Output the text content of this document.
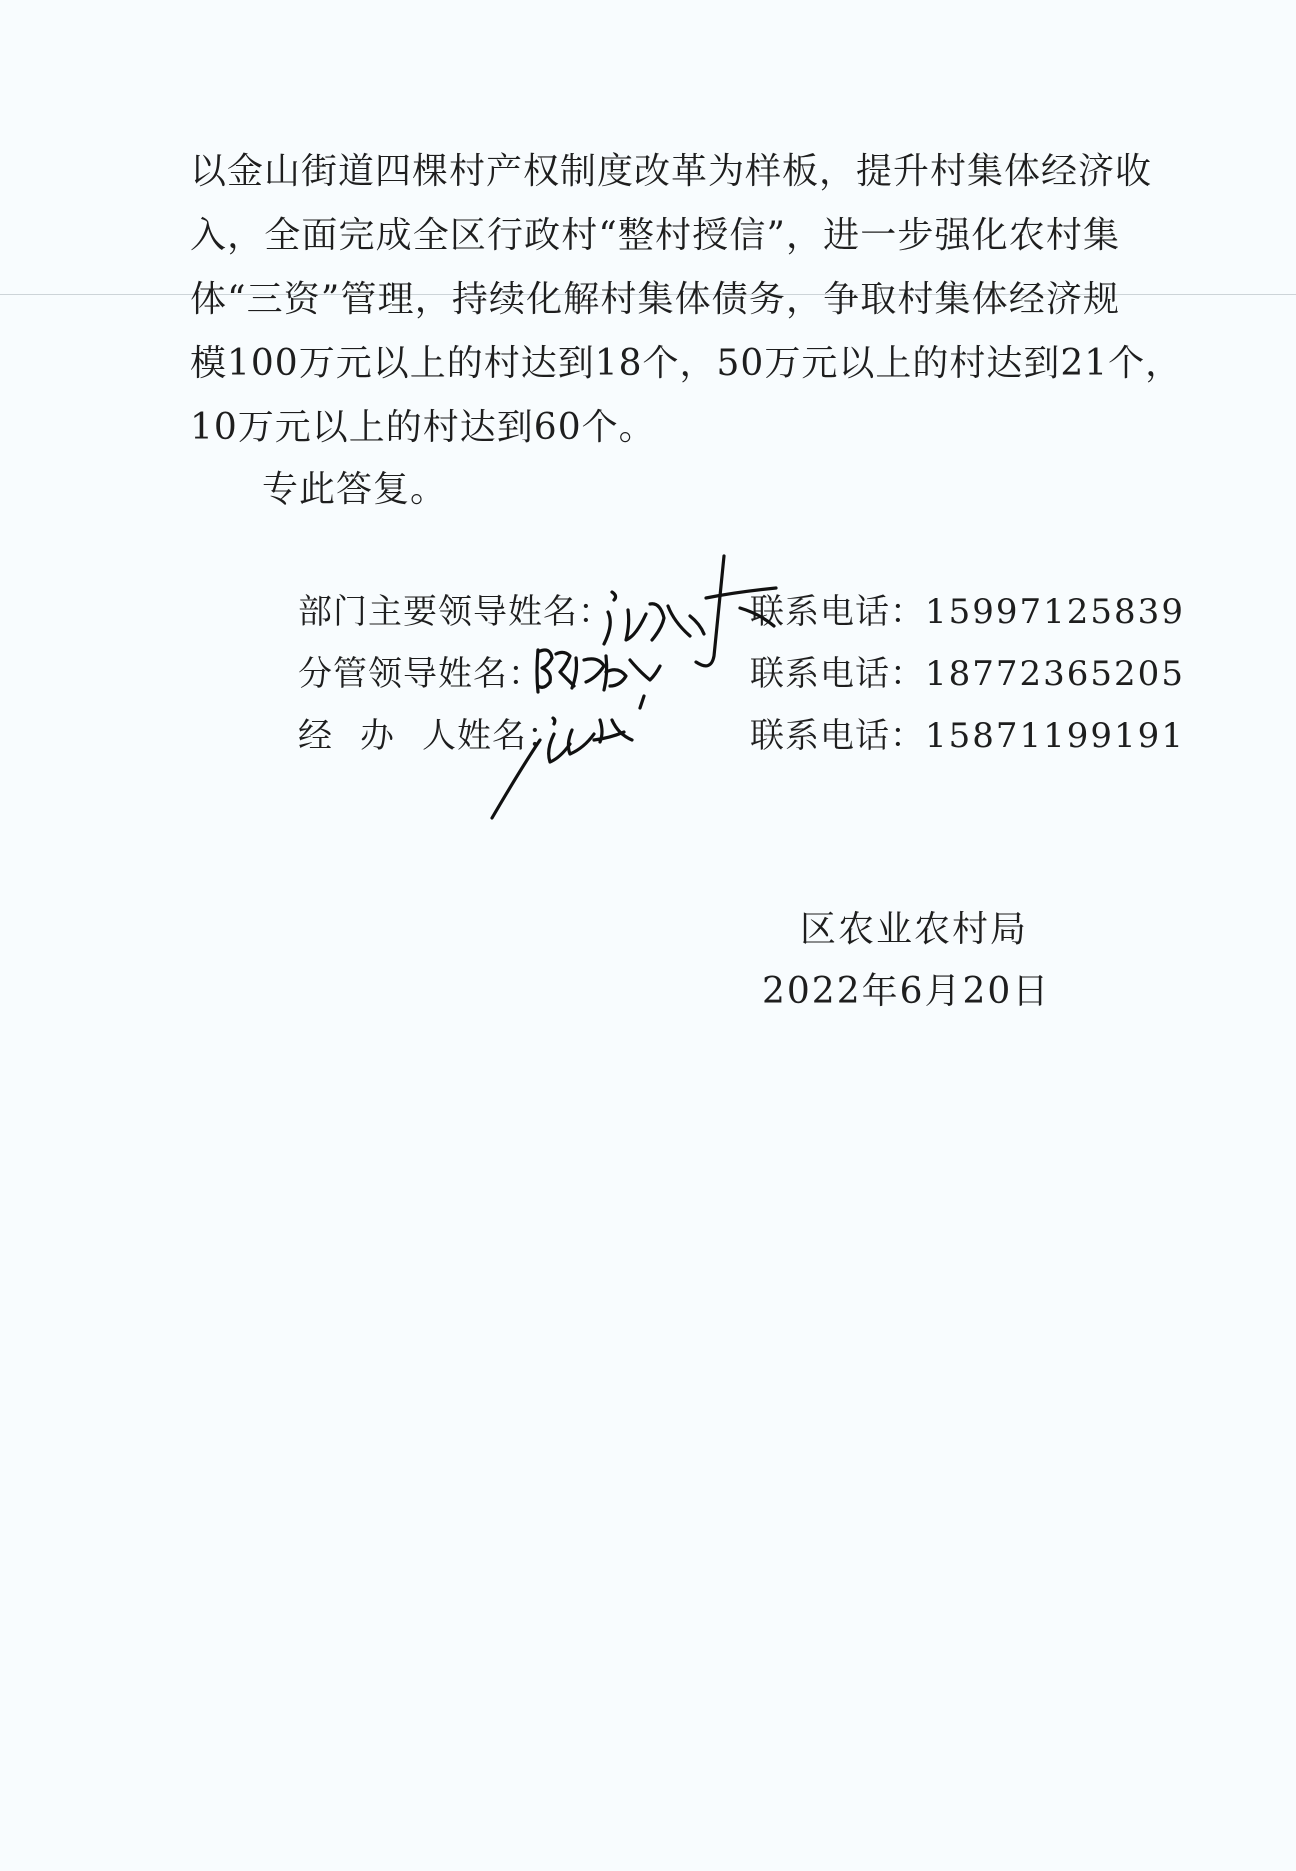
以金山街道四棵村产权制度改革为样板，提升村集体经济收
入，全面完成全区行政村“整村授信”，进一步强化农村集
体“三资”管理，持续化解村集体债务，争取村集体经济规
模100万元以上的村达到18个，50万元以上的村达到21个，
10万元以上的村达到60个。
专此答复。
部门主要领导姓名：	联系电话：15997125839
分管领导姓名：	联系电话：18772365205
经办人姓名：	联系电话：15871199191
区农业农村局
2022年6月20日
